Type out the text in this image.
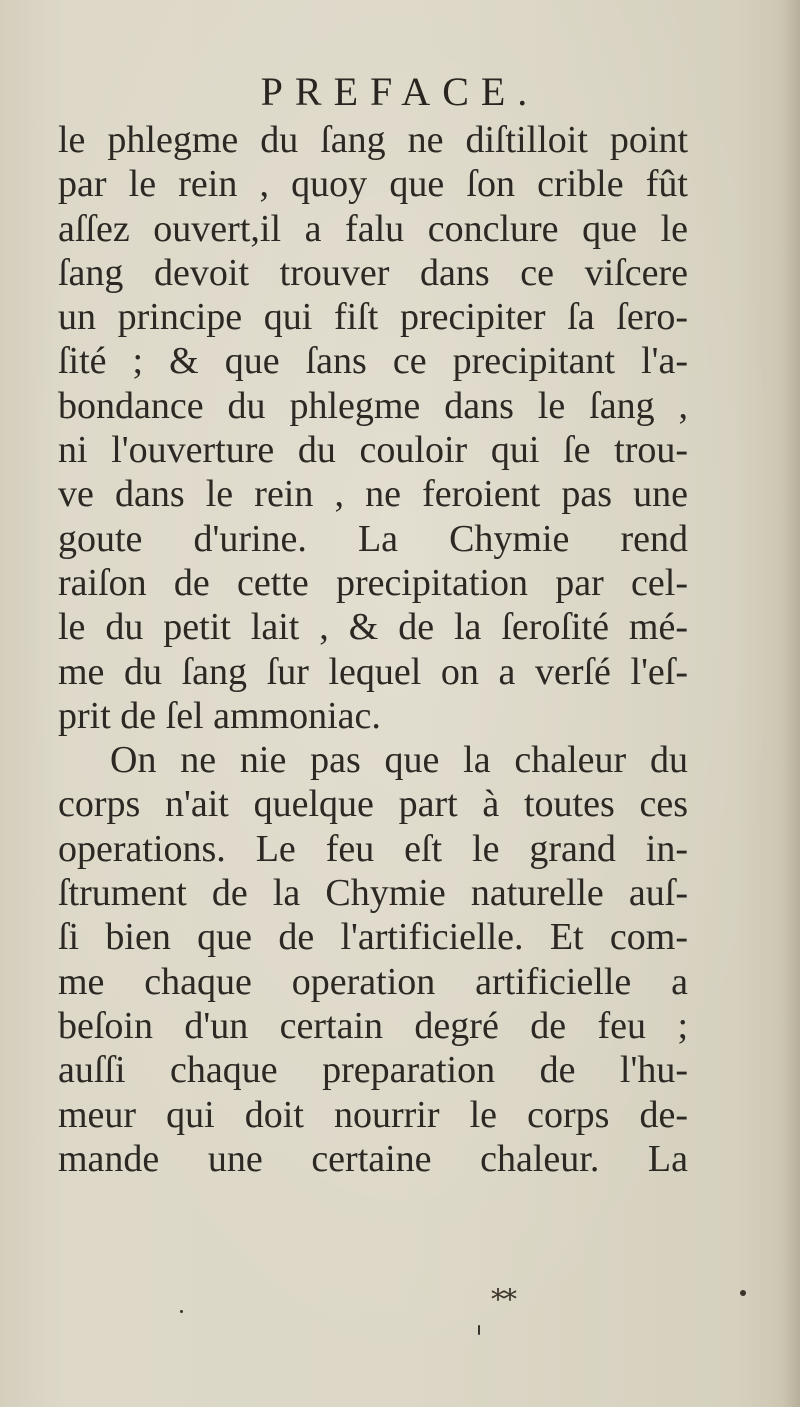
PREFACE.
le phlegme du ſang ne diſtilloit point
par le rein , quoy que ſon crible fût
aſſez ouvert,il a falu conclure que le
ſang devoit trouver dans ce viſcere
un principe qui fiſt precipiter ſa ſero-
ſité ; & que ſans ce precipitant l'a-
bondance du phlegme dans le ſang ,
ni l'ouverture du couloir qui ſe trou-
ve dans le rein , ne feroient pas une
goute d'urine. La Chymie rend
raiſon de cette precipitation par cel-
le du petit lait , & de la ſeroſité mé-
me du ſang ſur lequel on a verſé l'eſ-
prit de ſel ammoniac.
On ne nie pas que la chaleur du
corps n'ait quelque part à toutes ces
operations. Le feu eſt le grand in-
ſtrument de la Chymie naturelle auſ-
ſi bien que de l'artificielle. Et com-
me chaque operation artificielle a
beſoin d'un certain degré de feu ;
auſſi chaque preparation de l'hu-
meur qui doit nourrir le corps de-
mande une certaine chaleur. La
**
